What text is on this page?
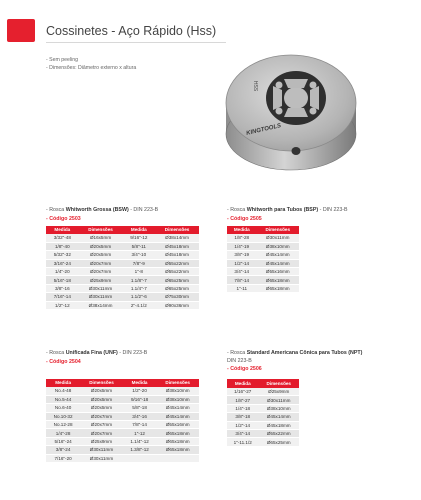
Cossinetes - Aço Rápido (Hss)
- Sem peeling
- Dimensões: Diâmetro externo x altura
KINGTOOLS
HSS
- Rosca Whitworth Grossa (BSW) - DIN 223-B
- Código 2503
Medida	Dimensões	Medida	Dimensões
3/32"-48	Ø16x5mm	9/16"-12	Ø38x14mm
1/8"-40	Ø20x5mm	5/8"-11	Ø45x18mm
5/32"-32	Ø20x5mm	3/4"-10	Ø45x18mm
3/16"-24	Ø20x7mm	7/8"-9	Ø55x22mm
1/4"-20	Ø20x7mm	1"-8	Ø55x22mm
5/16"-18	Ø25x9mm	1.1/8"-7	Ø65x25mm
3/8"-16	Ø30x11mm	1.1/4"-7	Ø65x25mm
7/16"-14	Ø30x11mm	1.1/2"-6	Ø75x30mm
1/2"-12	Ø38x14mm	2"-4.1/2	Ø90x36mm
- Rosca Whitworth para Tubos (BSP) - DIN 223-B
- Código 2505
Medida	Dimensões
1/8"-28	Ø30x11mm
1/4"-19	Ø38x10mm
3/8"-19	Ø45x14mm
1/2"-14	Ø45x14mm
3/4"-14	Ø55x16mm
7/8"-14	Ø65x18mm
1"-11	Ø65x18mm
- Rosca Unificada Fina (UNF) - DIN 223-B
- Código 2504
Medida	Dimensões	Medida	Dimensões
No.4-48	Ø20x5mm	1/2"-20	Ø38x10mm
No.5-44	Ø20x5mm	9/16"-18	Ø38x10mm
No.6-40	Ø20x5mm	5/8"-18	Ø45x14mm
No.10-32	Ø20x7mm	3/4"-16	Ø45x14mm
No.12-28	Ø20x7mm	7/8"-14	Ø55x16mm
1/4"-28	Ø20x7mm	1"-12	Ø65x18mm
5/16"-24	Ø25x9mm	1.1/4"-12	Ø65x18mm
3/8"-24	Ø30x11mm	1.3/8"-12	Ø65x18mm
7/16"-20	Ø30x11mm		
- Rosca Standard Americana Cônica para Tubos (NPT)
DIN 223-B
- Código 2506
Medida	Dimensões
1/16"-27	Ø25x9mm
1/8"-27	Ø30x11mm
1/4"-18	Ø38x10mm
3/8"-18	Ø45x14mm
1/2"-14	Ø45x18mm
3/4"-14	Ø55x22mm
1"-11.1/2	Ø65x25mm
